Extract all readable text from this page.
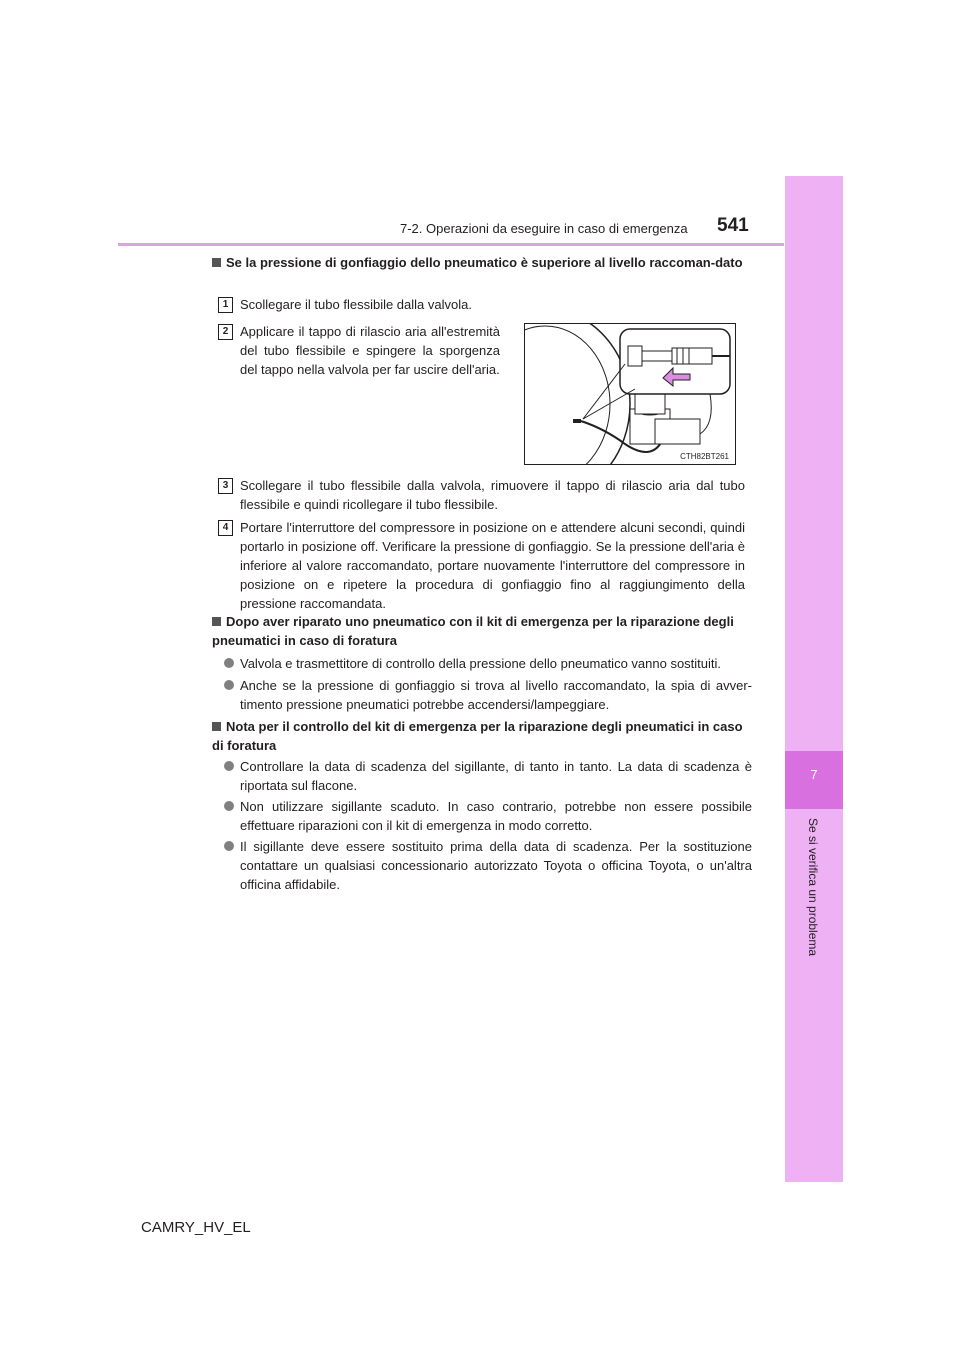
7-2. Operazioni da eseguire in caso di emergenza 541
7
Se si verifica un problema
Se la pressione di gonfiaggio dello pneumatico è superiore al livello raccoman-dato
1 Scollegare il tubo flessibile dalla valvola.
2 Applicare il tappo di rilascio aria all'estremità del tubo flessibile e spingere la sporgenza del tappo nella valvola per far uscire dell'aria.
CTH82BT261
3 Scollegare il tubo flessibile dalla valvola, rimuovere il tappo di rilascio aria dal tubo flessibile e quindi ricollegare il tubo flessibile.
4 Portare l'interruttore del compressore in posizione on e attendere alcuni secondi, quindi portarlo in posizione off. Verificare la pressione di gonfiaggio. Se la pressione dell'aria è inferiore al valore raccomandato, portare nuovamente l'interruttore del compressore in posizione on e ripetere la procedura di gonfiaggio fino al raggiungimento della pressione raccomandata.
Dopo aver riparato uno pneumatico con il kit di emergenza per la riparazione degli pneumatici in caso di foratura
Valvola e trasmettitore di controllo della pressione dello pneumatico vanno sostituiti.
Anche se la pressione di gonfiaggio si trova al livello raccomandato, la spia di avver-timento pressione pneumatici potrebbe accendersi/lampeggiare.
Nota per il controllo del kit di emergenza per la riparazione degli pneumatici in caso di foratura
Controllare la data di scadenza del sigillante, di tanto in tanto. La data di scadenza è riportata sul flacone.
Non utilizzare sigillante scaduto. In caso contrario, potrebbe non essere possibile effettuare riparazioni con il kit di emergenza in modo corretto.
Il sigillante deve essere sostituito prima della data di scadenza. Per la sostituzione contattare un qualsiasi concessionario autorizzato Toyota o officina Toyota, o un'altra officina affidabile.
CAMRY_HV_EL
